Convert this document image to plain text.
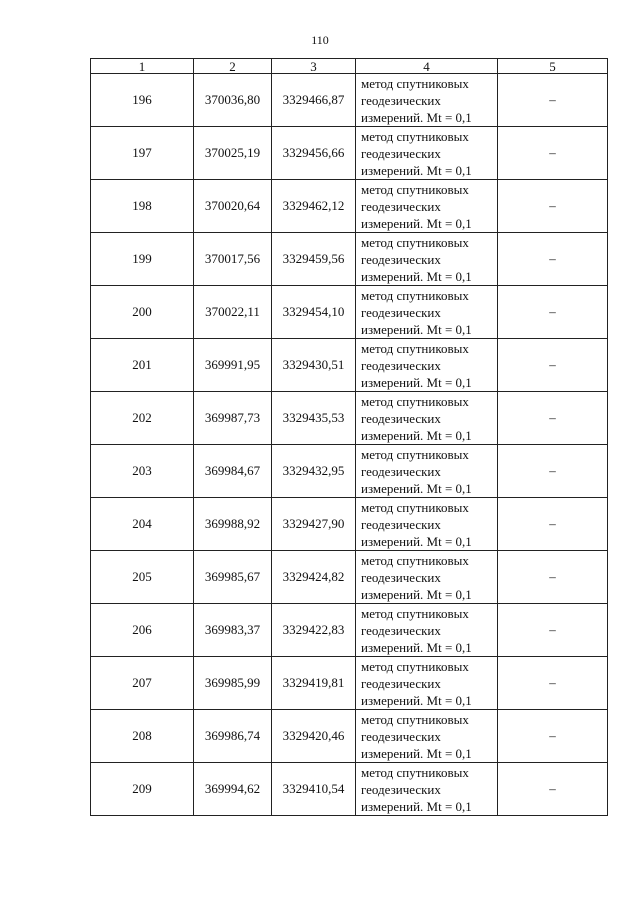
110
1	2	3	4	5
196	370036,80	3329466,87	метод спутниковых
геодезических
измерений. Mt = 0,1	–
197	370025,19	3329456,66	метод спутниковых
геодезических
измерений. Mt = 0,1	–
198	370020,64	3329462,12	метод спутниковых
геодезических
измерений. Mt = 0,1	–
199	370017,56	3329459,56	метод спутниковых
геодезических
измерений. Mt = 0,1	–
200	370022,11	3329454,10	метод спутниковых
геодезических
измерений. Mt = 0,1	–
201	369991,95	3329430,51	метод спутниковых
геодезических
измерений. Mt = 0,1	–
202	369987,73	3329435,53	метод спутниковых
геодезических
измерений. Mt = 0,1	–
203	369984,67	3329432,95	метод спутниковых
геодезических
измерений. Mt = 0,1	–
204	369988,92	3329427,90	метод спутниковых
геодезических
измерений. Mt = 0,1	–
205	369985,67	3329424,82	метод спутниковых
геодезических
измерений. Mt = 0,1	–
206	369983,37	3329422,83	метод спутниковых
геодезических
измерений. Mt = 0,1	–
207	369985,99	3329419,81	метод спутниковых
геодезических
измерений. Mt = 0,1	–
208	369986,74	3329420,46	метод спутниковых
геодезических
измерений. Mt = 0,1	–
209	369994,62	3329410,54	метод спутниковых
геодезических
измерений. Mt = 0,1	–
